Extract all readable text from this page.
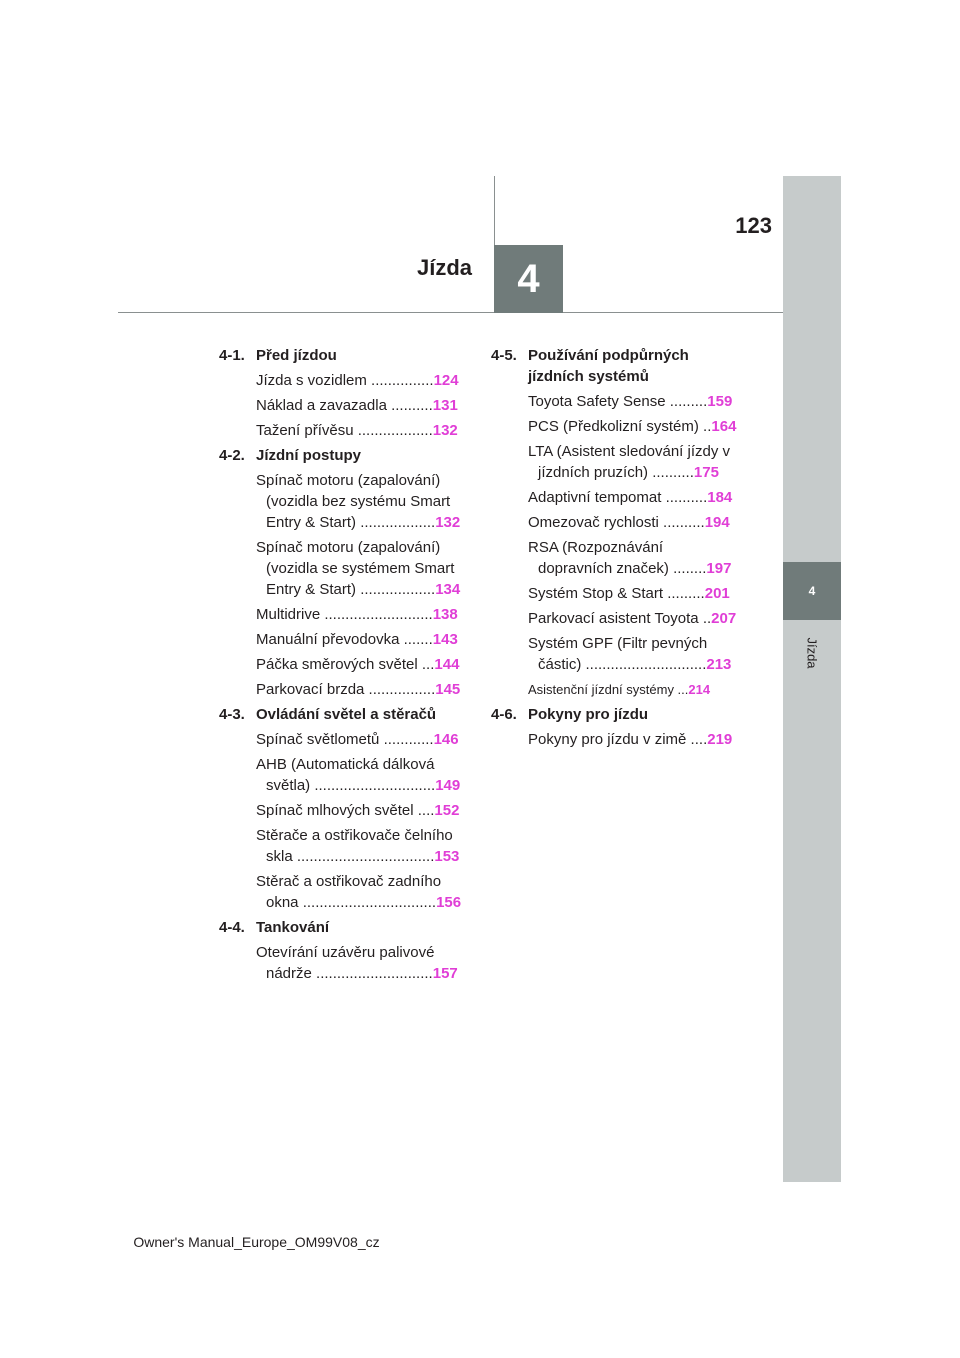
4
Jízda
4
Jízda
123
4-1. Před jízdou
Jízda s vozidlem ...............124
Náklad a zavazadla ..........131
Tažení přívěsu ..................132
4-2. Jízdní postupy
Spínač motoru (zapalování) (vozidla bez systému Smart Entry & Start) ..................132
Spínač motoru (zapalování) (vozidla se systémem Smart Entry & Start) ..................134
Multidrive ..........................138
Manuální převodovka .......143
Páčka směrových světel ...144
Parkovací brzda ................145
4-3. Ovládání světel a stěračů
Spínač světlometů ............146
AHB (Automatická dálková světla) .............................149
Spínač mlhových světel ....152
Stěrače a ostřikovače čelního skla .................................153
Stěrač a ostřikovač zadního okna ................................156
4-4. Tankování
Otevírání uzávěru palivové nádrže ............................157
4-5. Používání podpůrných jízdních systémů
Toyota Safety Sense .........159
PCS (Předkolizní systém) ..164
LTA (Asistent sledování jízdy v jízdních pruzích) ..........175
Adaptivní tempomat ..........184
Omezovač rychlosti ..........194
RSA (Rozpoznávání dopravních značek) ........197
Systém Stop & Start .........201
Parkovací asistent Toyota ..207
Systém GPF (Filtr pevných částic) .............................213
Asistenční jízdní systémy ...214
4-6. Pokyny pro jízdu
Pokyny pro jízdu v zimě ....219
Owner's Manual_Europe_OM99V08_cz
